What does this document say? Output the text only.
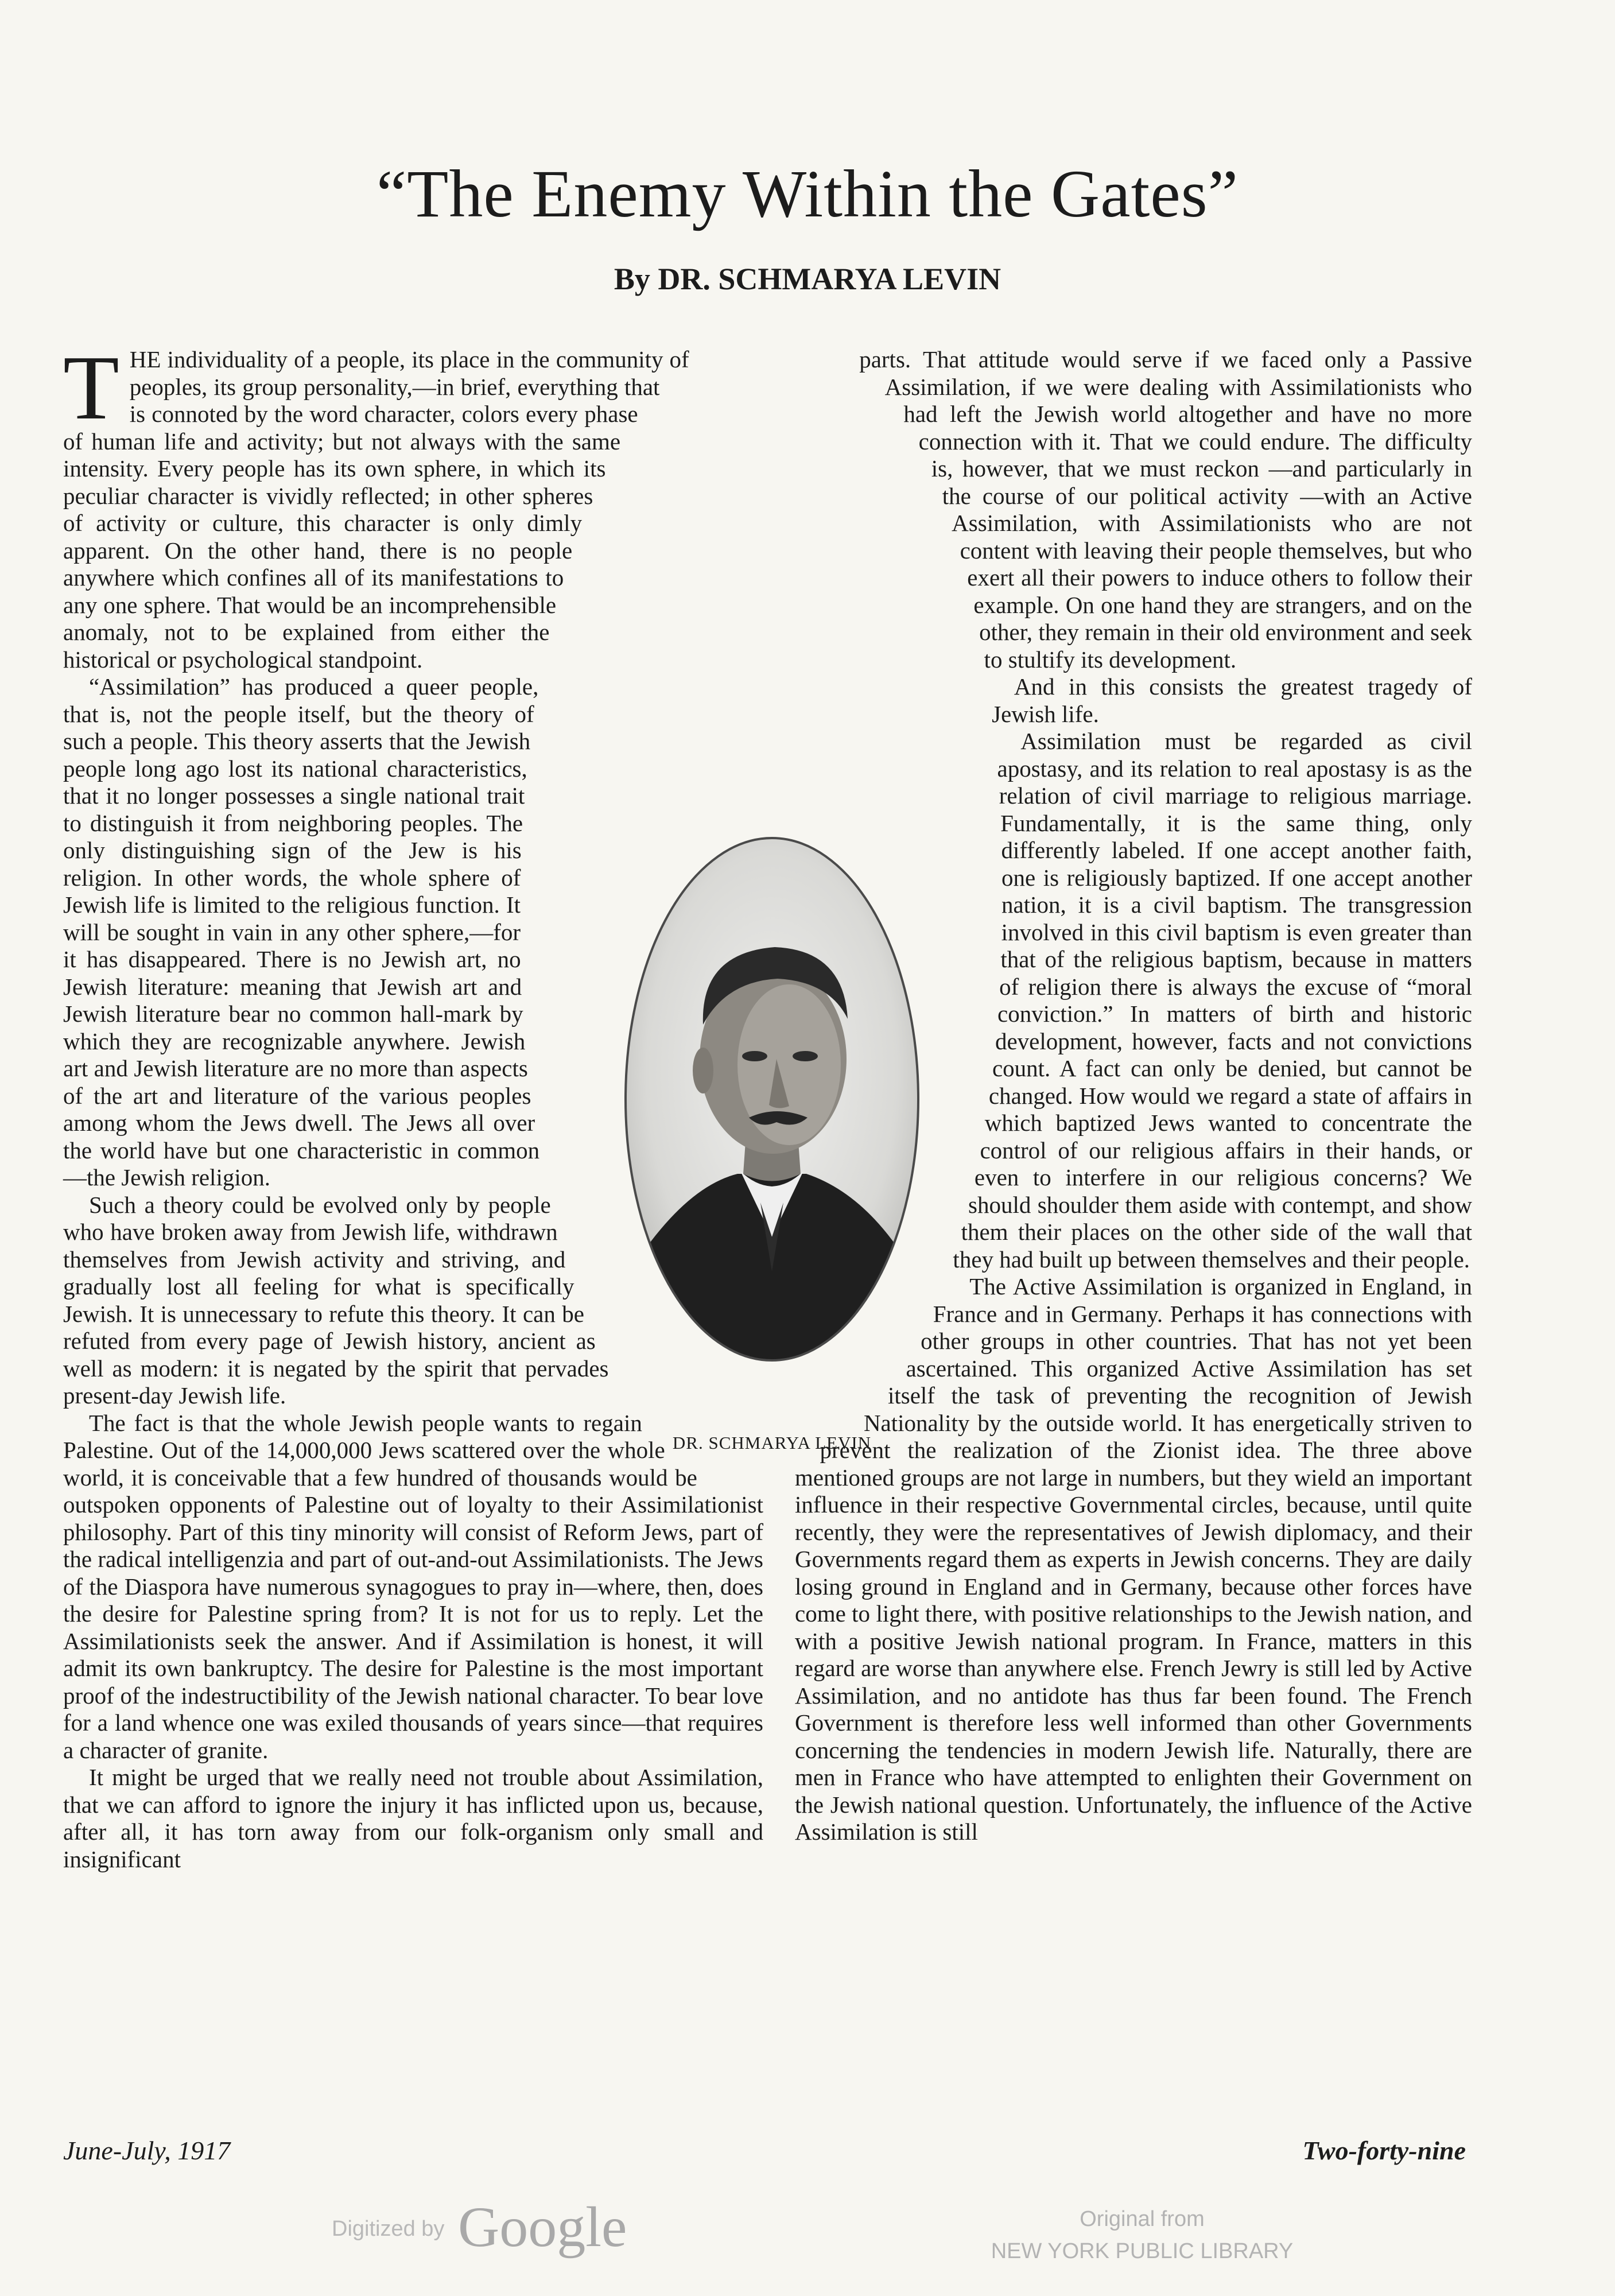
“The Enemy Within the Gates”
By DR. SCHMARYA LEVIN

THE individuality of a people, its place in the community of peoples, its group personality,—in brief, everything that is connoted by the word character, colors every phase of human life and activity; but not always with the same intensity. Every people has its own sphere, in which its peculiar character is vividly reflected; in other spheres of activity or culture, this character is only dimly apparent. On the other hand, there is no people anywhere which confines all of its manifestations to any one sphere. That would be an incomprehensible anomaly, not to be explained from either the historical or psychological standpoint.

“Assimilation” has produced a queer people, that is, not the people itself, but the theory of such a people. This theory asserts that the Jewish people long ago lost its national characteristics, that it no longer possesses a single national trait to distinguish it from neighboring peoples. The only distinguishing sign of the Jew is his religion. In other words, the whole sphere of Jewish life is limited to the religious function. It will be sought in vain in any other sphere,—for it has disappeared. There is no Jewish art, no Jewish literature: meaning that Jewish art and Jewish literature bear no common hall-mark by which they are recognizable anywhere. Jewish art and Jewish literature are no more than aspects of the art and literature of the various peoples among whom the Jews dwell. The Jews all over the world have but one characteristic in common—the Jewish religion.

Such a theory could be evolved only by people who have broken away from Jewish life, withdrawn themselves from Jewish activity and striving, and gradually lost all feeling for what is specifically Jewish. It is unnecessary to refute this theory. It can be refuted from every page of Jewish history, ancient as well as modern: it is negated by the spirit that pervades present-day Jewish life.

The fact is that the whole Jewish people wants to regain Palestine. Out of the 14,000,000 Jews scattered over the whole world, it is conceivable that a few hundred of thousands would be outspoken opponents of Palestine out of loyalty to their Assimilationist philosophy. Part of this tiny minority will consist of Reform Jews, part of the radical intelligenzia and part of out-and-out Assimilationists. The Jews of the Diaspora have numerous synagogues to pray in—where, then, does the desire for Palestine spring from? It is not for us to reply. Let the Assimilationists seek the answer. And if Assimilation is honest, it will admit its own bankruptcy. The desire for Palestine is the most important proof of the indestructibility of the Jewish national character. To bear love for a land whence one was exiled thousands of years since—that requires a character of granite.

It might be urged that we really need not trouble about Assimilation, that we can afford to ignore the injury it has inflicted upon us, because, after all, it has torn away from our folk-organism only small and insignificant

parts. That attitude would serve if we faced only a Passive Assimilation, if we were dealing with Assimilationists who had left the Jewish world altogether and have no more connection with it. That we could endure. The difficulty is, however, that we must reckon —and particularly in the course of our political activity —with an Active Assimilation, with Assimilationists who are not content with leaving their people themselves, but who exert all their powers to induce others to follow their example. On one hand they are strangers, and on the other, they remain in their old environment and seek to stultify its development.

And in this consists the greatest tragedy of Jewish life.

Assimilation must be regarded as civil apostasy, and its relation to real apostasy is as the relation of civil marriage to religious marriage. Fundamentally, it is the same thing, only differently labeled. If one accept another faith, one is religiously baptized. If one accept another nation, it is a civil baptism. The transgression involved in this civil baptism is even greater than that of the religious baptism, because in matters of religion there is always the excuse of “moral conviction.” In matters of birth and historic development, however, facts and not convictions count. A fact can only be denied, but cannot be changed. How would we regard a state of affairs in which baptized Jews wanted to concentrate the control of our religious affairs in their hands, or even to interfere in our religious concerns? We should shoulder them aside with contempt, and show them their places on the other side of the wall that they had built up between themselves and their people.

The Active Assimilation is organized in England, in France and in Germany. Perhaps it has connections with other groups in other countries. That has not yet been ascertained. This organized Active Assimilation has set itself the task of preventing the recognition of Jewish Nationality by the outside world. It has energetically striven to prevent the realization of the Zionist idea. The three above mentioned groups are not large in numbers, but they wield an important influence in their respective Governmental circles, because, until quite recently, they were the representatives of Jewish diplomacy, and their Governments regard them as experts in Jewish concerns. They are daily losing ground in England and in Germany, because other forces have come to light there, with positive relationships to the Jewish nation, and with a positive Jewish national program. In France, matters in this regard are worse than anywhere else. French Jewry is still led by Active Assimilation, and no antidote has thus far been found. The French Government is therefore less well informed than other Governments concerning the tendencies in modern Jewish life. Naturally, there are men in France who have attempted to enlighten their Government on the Jewish national question. Unfortunately, the influence of the Active Assimilation is still

DR. SCHMARYA LEVIN
June-July, 1917	Two-forty-nine
Digitized by Google	Original from
NEW YORK PUBLIC LIBRARY
